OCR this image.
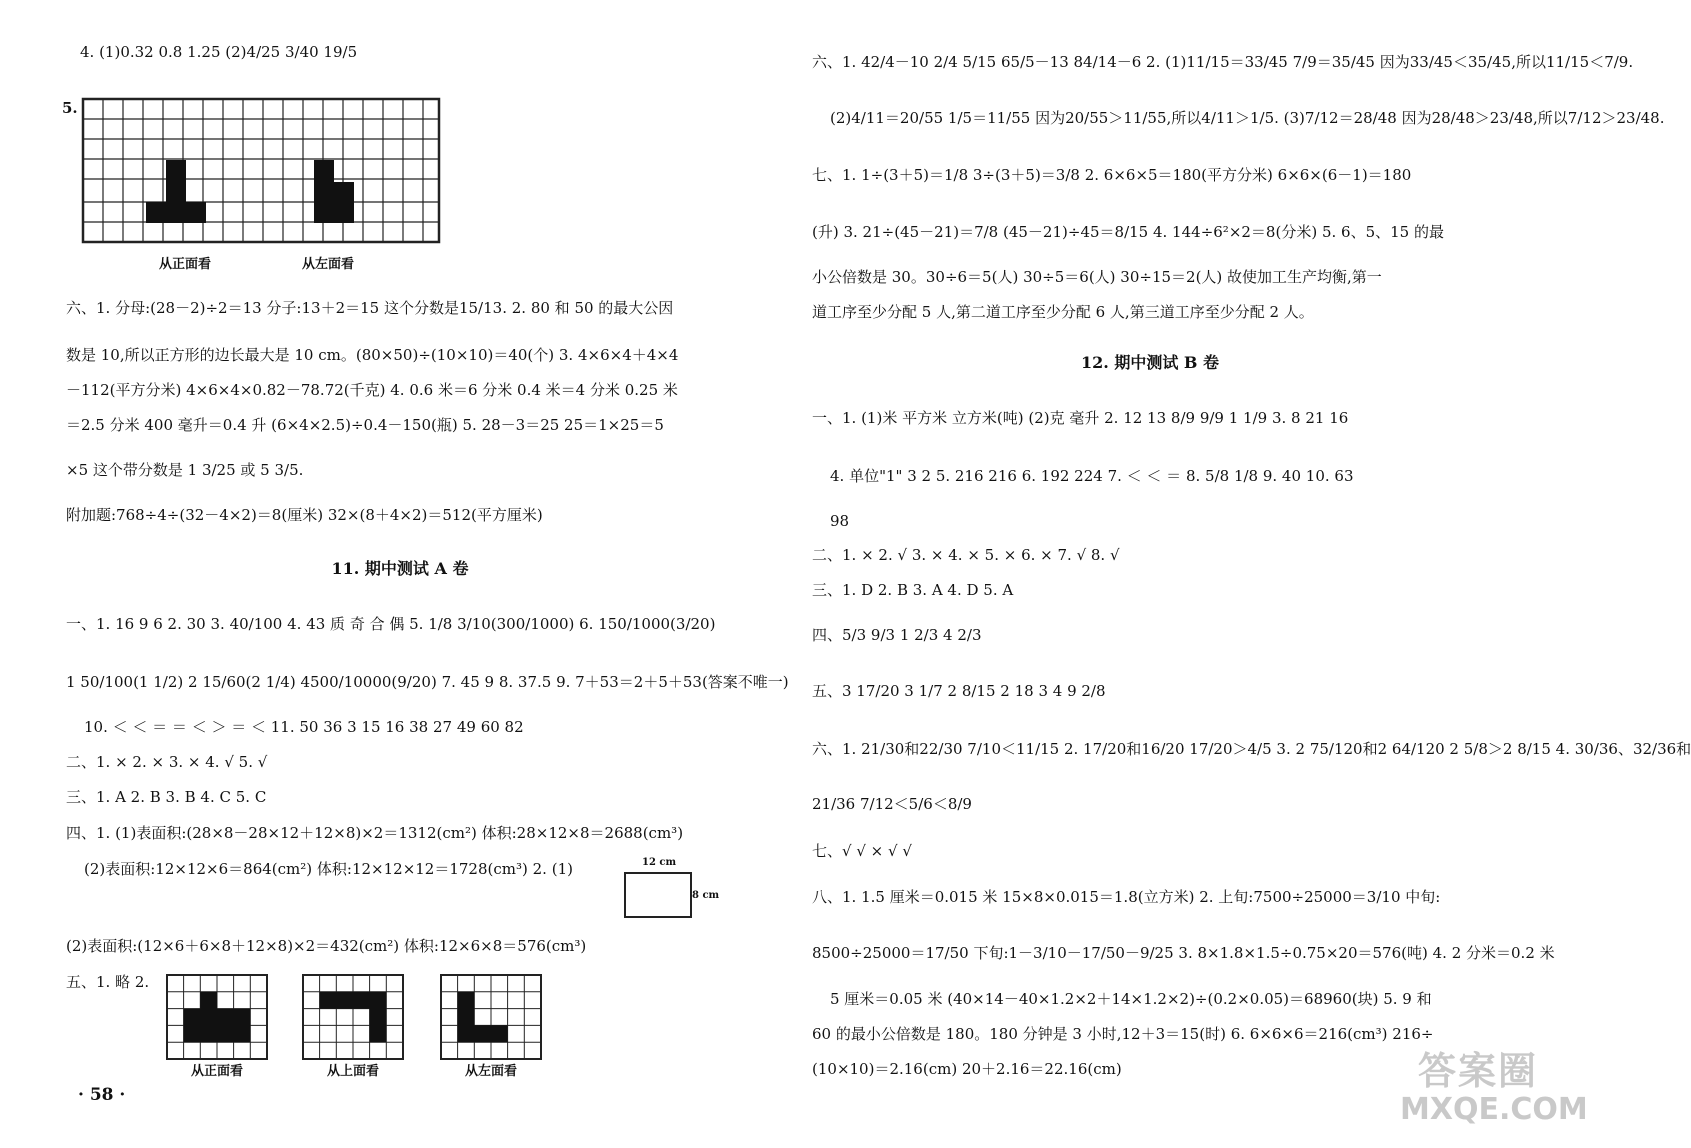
4. (1)0.32 0.8 1.25 (2)4/25 3/40 19/5
5.
从正面看	从左面看
六、1. 分母:(28－2)÷2＝13 分子:13＋2＝15 这个分数是15/13. 2. 80 和 50 的最大公因
数是 10,所以正方形的边长最大是 10 cm。(80×50)÷(10×10)＝40(个) 3. 4×6×4＋4×4
－112(平方分米) 4×6×4×0.82－78.72(千克) 4. 0.6 米＝6 分米 0.4 米＝4 分米 0.25 米
＝2.5 分米 400 毫升＝0.4 升 (6×4×2.5)÷0.4－150(瓶) 5. 28－3＝25 25＝1×25＝5
×5 这个带分数是 1 3/25 或 5 3/5.
附加题:768÷4÷(32－4×2)＝8(厘米) 32×(8＋4×2)＝512(平方厘米)
11. 期中测试 A 卷
一、1. 16 9 6 2. 30 3. 40/100 4. 43 质 奇 合 偶 5. 1/8 3/10(300/1000) 6. 150/1000(3/20)
1 50/100(1 1/2) 2 15/60(2 1/4) 4500/10000(9/20) 7. 45 9 8. 37.5 9. 7＋53＝2＋5＋53(答案不唯一)
10. ＜ ＜ ＝ ＝ ＜ ＞ ＝ ＜ 11. 50 36 3 15 16 38 27 49 60 82
二、1. × 2. × 3. × 4. √ 5. √
三、1. A 2. B 3. B 4. C 5. C
四、1. (1)表面积:(28×8－28×12＋12×8)×2＝1312(cm²) 体积:28×12×8＝2688(cm³)
(2)表面积:12×12×6＝864(cm²) 体积:12×12×12＝1728(cm³) 2. (1)	12 cm
8 cm
(2)表面积:(12×6＋6×8＋12×8)×2＝432(cm²) 体积:12×6×8＝576(cm³)
五、1. 略 2.
从正面看	从上面看	从左面看
· 58 ·
六、1. 42/4－10 2/4 5/15 65/5－13 84/14－6 2. (1)11/15＝33/45 7/9＝35/45 因为33/45＜35/45,所以11/15＜7/9.
(2)4/11＝20/55 1/5＝11/55 因为20/55＞11/55,所以4/11＞1/5. (3)7/12＝28/48 因为28/48＞23/48,所以7/12＞23/48.
七、1. 1÷(3＋5)＝1/8 3÷(3＋5)＝3/8 2. 6×6×5＝180(平方分米) 6×6×(6－1)＝180
(升) 3. 21÷(45－21)＝7/8 (45－21)÷45＝8/15 4. 144÷6²×2＝8(分米) 5. 6、5、15 的最
小公倍数是 30。30÷6＝5(人) 30÷5＝6(人) 30÷15＝2(人) 故使加工生产均衡,第一
道工序至少分配 5 人,第二道工序至少分配 6 人,第三道工序至少分配 2 人。
12. 期中测试 B 卷
一、1. (1)米 平方米 立方米(吨) (2)克 毫升 2. 12 13 8/9 9/9 1 1/9 3. 8 21 16
4. 单位"1" 3 2 5. 216 216 6. 192 224 7. ＜ ＜ ＝ 8. 5/8 1/8 9. 40 10. 63
98
二、1. × 2. √ 3. × 4. × 5. × 6. × 7. √ 8. √
三、1. D 2. B 3. A 4. D 5. A
四、5/3 9/3 1 2/3 4 2/3
五、3 17/20 3 1/7 2 8/15 2 18 3 4 9 2/8
六、1. 21/30和22/30 7/10＜11/15 2. 17/20和16/20 17/20＞4/5 3. 2 75/120和2 64/120 2 5/8＞2 8/15 4. 30/36、32/36和
21/36 7/12＜5/6＜8/9
七、√ √ × √ √
八、1. 1.5 厘米＝0.015 米 15×8×0.015＝1.8(立方米) 2. 上旬:7500÷25000＝3/10 中旬:
8500÷25000＝17/50 下旬:1－3/10－17/50－9/25 3. 8×1.8×1.5÷0.75×20＝576(吨) 4. 2 分米＝0.2 米
5 厘米＝0.05 米 (40×14－40×1.2×2＋14×1.2×2)÷(0.2×0.05)＝68960(块) 5. 9 和
60 的最小公倍数是 180。180 分钟是 3 小时,12＋3＝15(时) 6. 6×6×6＝216(cm³) 216÷
(10×10)＝2.16(cm) 20＋2.16＝22.16(cm)	答案圈
MXQE.COM
